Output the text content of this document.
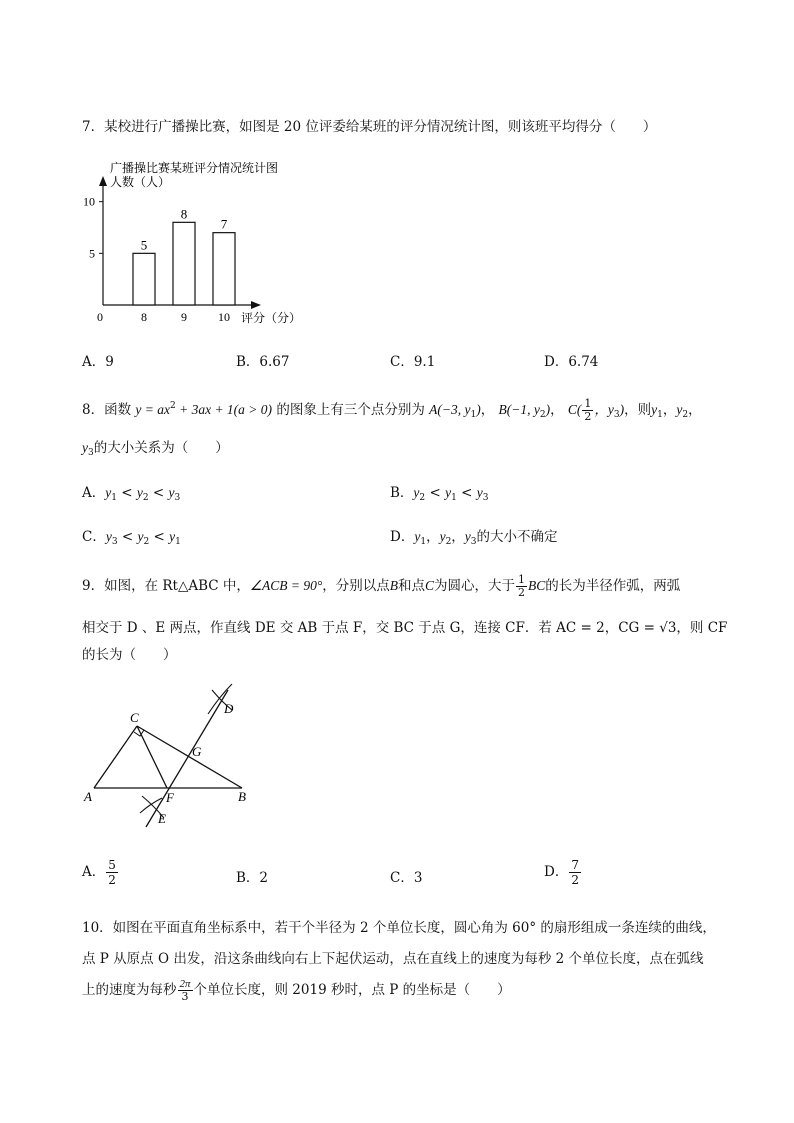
7．某校进行广播操比赛，如图是 20 位评委给某班的评分情况统计图，则该班平均得分（　　）
广播操比赛某班评分情况统计图
人数（人）
0	评分（分）
5
8
8
9
7
10
5
10
A．9	B．6.67	C．9.1	D．6.74
8．函数 $y = ax^2 + 3ax + 1(a > 0)$ 的图象上有三个点分别为 A(−3, $y_1$)， B(−1, $y_2$)， $C( \frac{1}{2}$ ，$y_3$)，则$y_1$，$y_2$，
$y_3$的大小关系为（　　）
A．$y_1 < y_2 < y_3$	B．$y_2 < y_1 < y_3$
C．$y_3 < y_2 < y_1$	D．$y_1$，$y_2$，$y_3$的大小不确定
9．如图，在 Rt△ABC 中，∠ACB = 90°，分别以点B和点C为圆心，大于 $\frac{1}{2}$ BC的长为半径作弧，两弧
相交于 D 、E 两点，作直线 DE 交 AB 于点 F，交 BC 于点 G，连接 CF．若 AC = 2，CG = √3，则 CF
的长为（　　）
A	B
C
D
E
F
G
A． $\frac{5}{2}$	B．2	C．3	D． $\frac{7}{2}$
10．如图在平面直角坐标系中，若干个半径为 2 个单位长度，圆心角为 60° 的扇形组成一条连续的曲线，
点 P 从原点 O 出发，沿这条曲线向右上下起伏运动，点在直线上的速度为每秒 2 个单位长度，点在弧线
上的速度为每秒 $\frac{2\pi}{3}$ 个单位长度，则 2019 秒时，点 P 的坐标是（　　）
